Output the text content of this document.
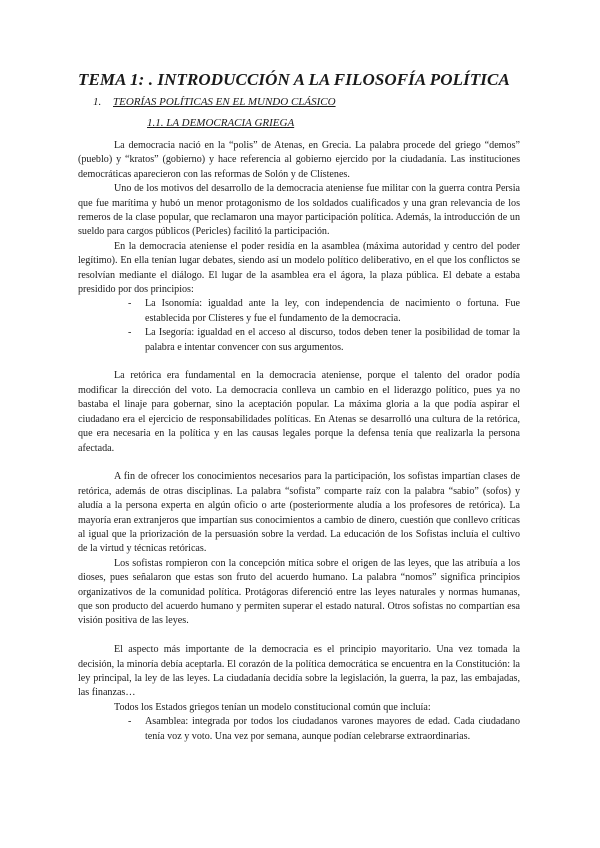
TEMA 1: . INTRODUCCIÓN A LA FILOSOFÍA POLÍTICA
1. TEORÍAS POLÍTICAS EN EL MUNDO CLÁSICO
1.1. LA DEMOCRACIA GRIEGA

La democracia nació en la “polis” de Atenas, en Grecia. La palabra procede del griego “demos” (pueblo) y “kratos” (gobierno) y hace referencia al gobierno ejercido por la ciudadanía. Las instituciones democráticas aparecieron con las reformas de Solón y de Clístenes.

Uno de los motivos del desarrollo de la democracia ateniense fue militar con la guerra contra Persia que fue marítima y hubó un menor protagonismo de los soldados cualificados y una gran relevancia de los remeros de la clase popular, que reclamaron una mayor participación política. Además, la introducción de un sueldo para cargos públicos (Pericles) facilitó la participación.

En la democracia ateniense el poder residía en la asamblea (máxima autoridad y centro del poder legítimo). En ella tenían lugar debates, siendo así un modelo político deliberativo, en el que los conflictos se resolvían mediante el diálogo. El lugar de la asamblea era el ágora, la plaza pública. El debate a estaba presidido por dos principios:

- La Isonomía: igualdad ante la ley, con independencia de nacimiento o fortuna. Fue establecida por Clísteres y fue el fundamento de la democracia.
- La Isegoría: igualdad en el acceso al discurso, todos deben tener la posibilidad de tomar la palabra e intentar convencer con sus argumentos.

La retórica era fundamental en la democracia ateniense, porque el talento del orador podía modificar la dirección del voto. La democracia conlleva un cambio en el liderazgo político, pues ya no bastaba el linaje para gobernar, sino la aceptación popular. La máxima gloria a la que podía aspirar el ciudadano era el ejercicio de responsabilidades políticas. En Atenas se desarrolló una cultura de la retórica, que era necesaria en la política y en las causas legales porque la defensa tenía que realizarla la persona afectada.

A fin de ofrecer los conocimientos necesarios para la participación, los sofistas impartían clases de retórica, además de otras disciplinas. La palabra “sofista” comparte raíz con la palabra “sabio” (sofos) y aludía a la persona experta en algún oficio o arte (posteriormente aludía a los profesores de retórica). La mayoría eran extranjeros que impartían sus conocimientos a cambio de dinero, cuestión que conllevo críticas al igual que la priorización de la persuasión sobre la verdad. La educación de los Sofistas incluía el cultivo de la virtud y técnicas retóricas.

Los sofistas rompieron con la concepción mítica sobre el origen de las leyes, que las atribuía a los dioses, pues señalaron que estas son fruto del acuerdo humano. La palabra “nomos” significa principios organizativos de la comunidad política. Protágoras diferenció entre las leyes naturales y normas humanas, que son producto del acuerdo humano y permiten superar el estado natural. Otros sofistas no compartían esa visión positiva de las leyes.

El aspecto más importante de la democracia es el principio mayoritario. Una vez tomada la decisión, la minoría debía aceptarla. El corazón de la política democrática se encuentra en la Constitución: la ley principal, la ley de las leyes. La ciudadanía decidía sobre la legislación, la guerra, la paz, las embajadas, las finanzas…

Todos los Estados griegos tenían un modelo constitucional común que incluía:

- Asamblea: integrada por todos los ciudadanos varones mayores de edad. Cada ciudadano tenía voz y voto. Una vez por semana, aunque podían celebrarse extraordinarias.
